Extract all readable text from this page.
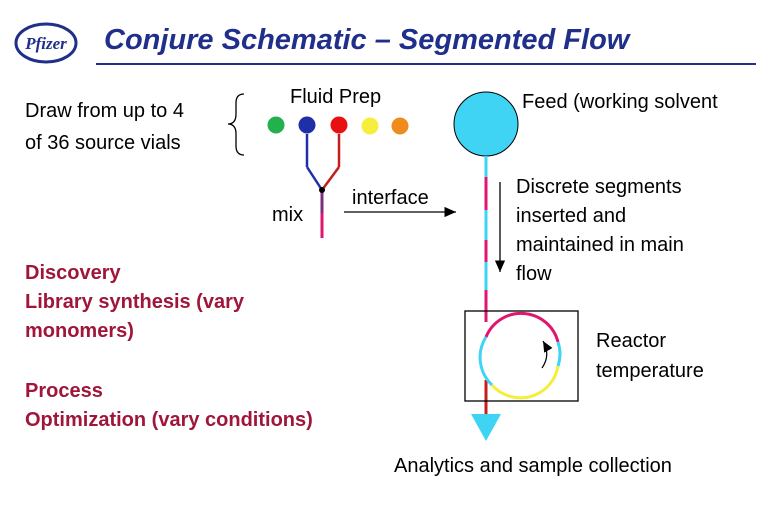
Pfizer Conjure Schematic – Segmented Flow
Draw from up to 4
of 36 source vials
Fluid Prep
mix
interface
Feed (working solvent
Discrete segments
inserted and
maintained in main
flow
Reactor
temperature
Analytics and sample collection
Discovery
Library synthesis (vary
monomers)
Process
Optimization (vary conditions)
